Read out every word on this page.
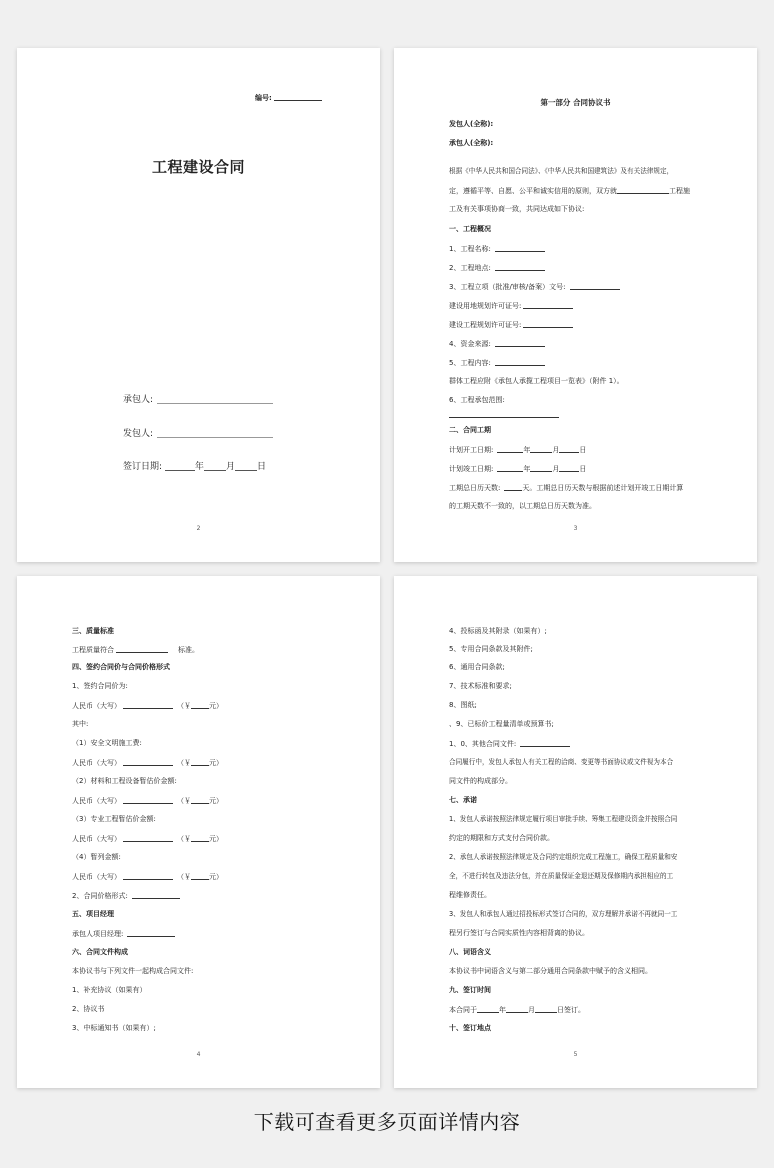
编号:
工程建设合同
承包人:
发包人:
签订日期:	年 月 日
2
第一部分 合同协议书
发包人(全称):
承包人(全称):
根据《中华人民共和国合同法》、《中华人民共和国建筑法》及有关法律规定，
定，遵循平等、自愿、公平和诚实信用的原则，双方就	工程施
工及有关事项协商一致，共同达成如下协议:
一、工程概况
1、工程名称:
2、工程地点:
3、工程立项（批准/审核/备案）文号:
建设用地规划许可证号:
建设工程规划许可证号:
4、资金来源:
5、工程内容:
群体工程应附《承包人承揽工程项目一览表》（附件 1）。
6、工程承包范围:
二、合同工期
计划开工日期:	年	月	日
计划竣工日期:	年	月	日
工期总日历天数:	天。工期总日历天数与根据前述计划开竣工日期计算
的工期天数不一致的，以工期总日历天数为准。
3
三、质量标准
工程质量符合	标准。
四、签约合同价与合同价格形式
1、签约合同价为:
人民币（大写）	（￥	元）
其中:
（1）安全文明施工费:
人民币（大写）	（￥	元）
（2）材料和工程设备暂估价金额:
人民币（大写）	（￥	元）
（3）专业工程暂估价金额:
人民币（大写）	（￥	元）
（4）暂列金额:
人民币（大写）	（￥	元）
2、合同价格形式:
五、项目经理
承包人项目经理:
六、合同文件构成
本协议书与下列文件一起构成合同文件:
1、补充协议（如果有）
2、协议书
3、中标通知书（如果有）;
4
4、投标函及其附录（如果有）;
5、专用合同条款及其附件;
6、通用合同条款;
7、技术标准和要求;
8、图纸;
、9、已标价工程量清单或预算书;
1、0、其他合同文件:
合同履行中，发包人承包人有关工程的洽商、变更等书面协议或文件视为本合
同文件的构成部分。
七、承诺
1、发包人承诺按照法律规定履行项目审批手续、筹集工程建设资金并按照合同
约定的期限和方式支付合同价款。
2、承包人承诺按照法律规定及合同约定组织完成工程施工，确保工程质量和安
全，不进行转包及违法分包，并在质量保证金退还期及保修期内承担相应的工
程维修责任。
3、发包人和承包人通过招投标形式签订合同的，双方理解并承诺不再就同一工
程另行签订与合同实质性内容相背离的协议。
八、词语含义
本协议书中词语含义与第二部分通用合同条款中赋予的含义相同。
九、签订时间
本合同于	年	月	日签订。
十、签订地点
5
下载可查看更多页面详情内容
